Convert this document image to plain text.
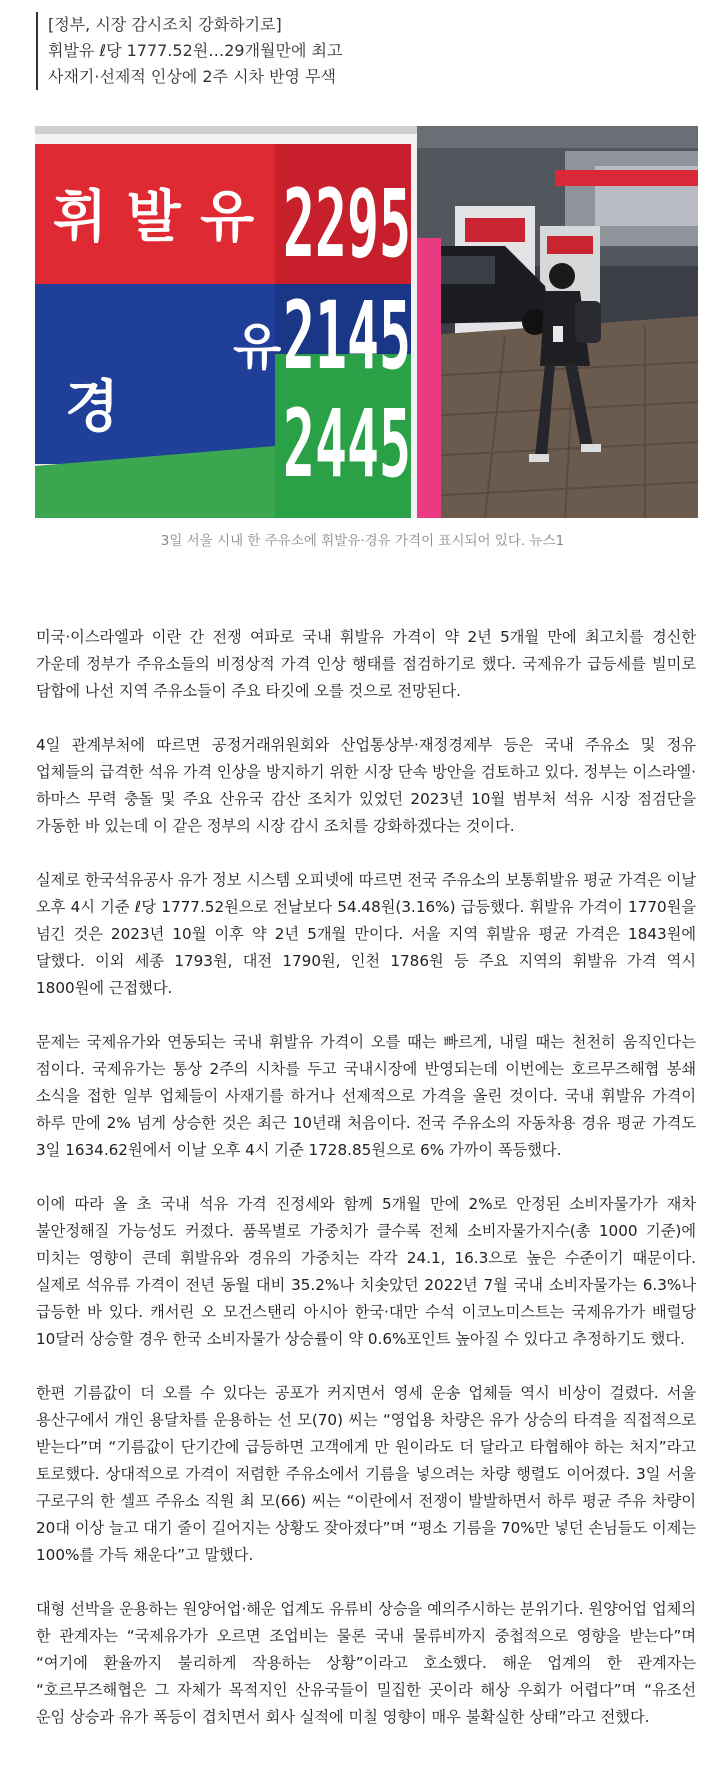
[정부, 시장 감시조치 강화하기로]
휘발유 ℓ당 1777.52원…29개월만에 최고
사재기·선제적 인상에 2주 시차 반영 무색
휘 발 유
유
경
2295
2145
2445
3일 서울 시내 한 주유소에 휘발유·경유 가격이 표시되어 있다. 뉴스1

미국·이스라엘과 이란 간 전쟁 여파로 국내 휘발유 가격이 약 2년 5개월 만에 최고치를 경신한 가운데 정부가 주유소들의 비정상적 가격 인상 행태를 점검하기로 했다. 국제유가 급등세를 빌미로 담합에 나선 지역 주유소들이 주요 타깃에 오를 것으로 전망된다.

4일 관계부처에 따르면 공정거래위원회와 산업통상부·재정경제부 등은 국내 주유소 및 정유 업체들의 급격한 석유 가격 인상을 방지하기 위한 시장 단속 방안을 검토하고 있다. 정부는 이스라엘·하마스 무력 충돌 및 주요 산유국 감산 조치가 있었던 2023년 10월 범부처 석유 시장 점검단을 가동한 바 있는데 이 같은 정부의 시장 감시 조치를 강화하겠다는 것이다.

실제로 한국석유공사 유가 정보 시스템 오피넷에 따르면 전국 주유소의 보통휘발유 평균 가격은 이날 오후 4시 기준 ℓ당 1777.52원으로 전날보다 54.48원(3.16%) 급등했다. 휘발유 가격이 1770원을 넘긴 것은 2023년 10월 이후 약 2년 5개월 만이다. 서울 지역 휘발유 평균 가격은 1843원에 달했다. 이외 세종 1793원, 대전 1790원, 인천 1786원 등 주요 지역의 휘발유 가격 역시 1800원에 근접했다.

문제는 국제유가와 연동되는 국내 휘발유 가격이 오를 때는 빠르게, 내릴 때는 천천히 움직인다는 점이다. 국제유가는 통상 2주의 시차를 두고 국내시장에 반영되는데 이번에는 호르무즈해협 봉쇄 소식을 접한 일부 업체들이 사재기를 하거나 선제적으로 가격을 올린 것이다. 국내 휘발유 가격이 하루 만에 2% 넘게 상승한 것은 최근 10년래 처음이다. 전국 주유소의 자동차용 경유 평균 가격도 3일 1634.62원에서 이날 오후 4시 기준 1728.85원으로 6% 가까이 폭등했다.

이에 따라 올 초 국내 석유 가격 진정세와 함께 5개월 만에 2%로 안정된 소비자물가가 재차 불안정해질 가능성도 커졌다. 품목별로 가중치가 클수록 전체 소비자물가지수(총 1000 기준)에 미치는 영향이 큰데 휘발유와 경유의 가중치는 각각 24.1, 16.3으로 높은 수준이기 때문이다. 실제로 석유류 가격이 전년 동월 대비 35.2%나 치솟았던 2022년 7월 국내 소비자물가는 6.3%나 급등한 바 있다. 캐서린 오 모건스탠리 아시아 한국·대만 수석 이코노미스트는 국제유가가 배럴당 10달러 상승할 경우 한국 소비자물가 상승률이 약 0.6%포인트 높아질 수 있다고 추정하기도 했다.

한편 기름값이 더 오를 수 있다는 공포가 커지면서 영세 운송 업체들 역시 비상이 걸렸다. 서울 용산구에서 개인 용달차를 운용하는 선 모(70) 씨는 “영업용 차량은 유가 상승의 타격을 직접적으로 받는다”며 “기름값이 단기간에 급등하면 고객에게 만 원이라도 더 달라고 타협해야 하는 처지”라고 토로했다. 상대적으로 가격이 저렴한 주유소에서 기름을 넣으려는 차량 행렬도 이어졌다. 3일 서울 구로구의 한 셀프 주유소 직원 최 모(66) 씨는 “이란에서 전쟁이 발발하면서 하루 평균 주유 차량이 20대 이상 늘고 대기 줄이 길어지는 상황도 잦아졌다”며 “평소 기름을 70%만 넣던 손님들도 이제는 100%를 가득 채운다”고 말했다.

대형 선박을 운용하는 원양어업·해운 업계도 유류비 상승을 예의주시하는 분위기다. 원양어업 업체의 한 관계자는 “국제유가가 오르면 조업비는 물론 국내 물류비까지 중첩적으로 영향을 받는다”며 “여기에 환율까지 불리하게 작용하는 상황”이라고 호소했다. 해운 업계의 한 관계자는 “호르무즈해협은 그 자체가 목적지인 산유국들이 밀집한 곳이라 해상 우회가 어렵다”며 “유조선 운임 상승과 유가 폭등이 겹치면서 회사 실적에 미칠 영향이 매우 불확실한 상태”라고 전했다.
